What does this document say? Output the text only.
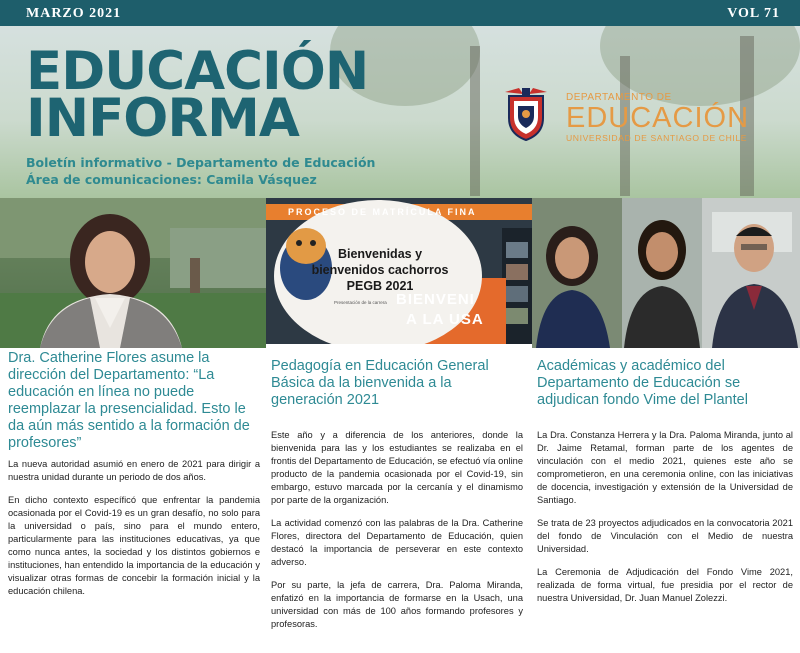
MARZO 2021	VOL 71
EDUCACIÓN
INFORMA
Boletín informativo - Departamento de Educación
Área de comunicaciones: Camila Vásquez
DEPARTAMENTO DE
EDUCACIÓN
UNIVERSIDAD DE SANTIAGO DE CHILE
PROCESO DE MATRÍCULA FINA
Bienvenidas y
bienvenidos cachorros
PEGB 2021
Presentación de la carrera BIENVENI
A LA USA
Dra. Catherine Flores asume la dirección del Departamento: “La educación en línea no puede reemplazar la presencialidad. Esto le da aún más sentido a la formación de profesores”

La nueva autoridad asumió en enero de 2021 para dirigir a nuestra unidad durante un periodo de dos años.

En dicho contexto específicó que enfrentar la pandemia ocasionada por el Covid-19 es un gran desafío, no solo para la universidad o país, sino para el mundo entero, particularmente para las instituciones educativas, ya que como nunca antes, la sociedad y los distintos gobiernos e instituciones, han entendido la importancia de la educación y visualizar otras formas de concebir la formación inicial y la educación chilena.

Pedagogía en Educación General Básica da la bienvenida a la generación 2021

Este año y a diferencia de los anteriores, donde la bienvenida para las y los estudiantes se realizaba en el frontis del Departamento de Educación, se efectuó vía online producto de la pandemia ocasionada por el Covid-19, sin embargo, estuvo marcada por la cercanía y el dinamismo por parte de la organización.

La actividad comenzó con las palabras de la Dra. Catherine Flores, directora del Departamento de Educación, quien destacó la importancia de perseverar en este contexto adverso.

Por su parte, la jefa de carrera, Dra. Paloma Miranda, enfatizó en la importancia de formarse en la Usach, una universidad con más de 100 años formando profesores y profesoras.

Académicas y académico del Departamento de Educación se adjudican fondo Vime del Plantel

La Dra. Constanza Herrera y la Dra. Paloma Miranda, junto al Dr. Jaime Retamal, forman parte de los agentes de vinculación con el medio 2021, quienes este año se comprometieron, en una ceremonia online, con las iniciativas de docencia, investigación y extensión de la Universidad de Santiago.

Se trata de 23 proyectos adjudicados en la convocatoria 2021 del fondo de Vinculación con el Medio de nuestra Universidad.

La Ceremonia de Adjudicación del Fondo Vime 2021, realizada de forma virtual, fue presidia por el rector de nuestra Universidad, Dr. Juan Manuel Zolezzi.
